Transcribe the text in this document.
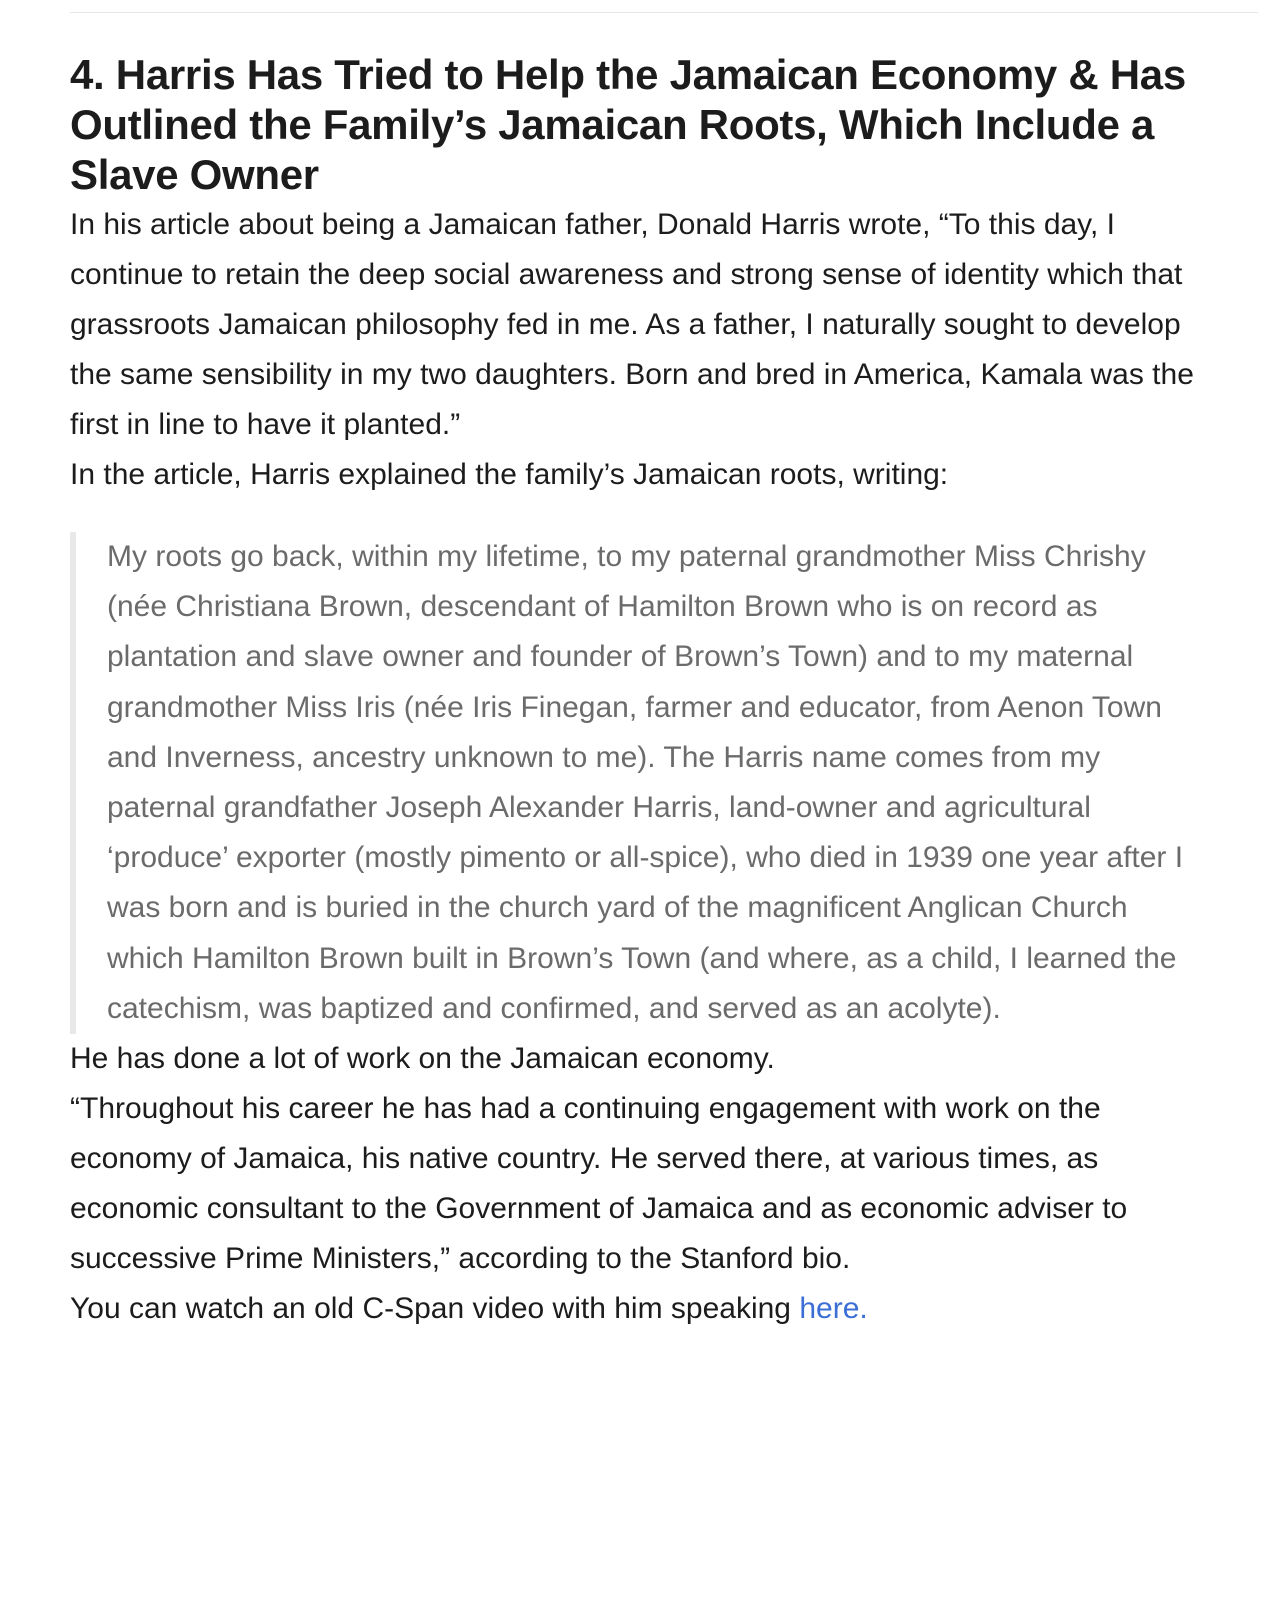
4. Harris Has Tried to Help the Jamaican Economy & Has Outlined the Family’s Jamaican Roots, Which Include a Slave Owner

In his article about being a Jamaican father, Donald Harris wrote, “To this day, I continue to retain the deep social awareness and strong sense of identity which that grassroots Jamaican philosophy fed in me. As a father, I naturally sought to develop the same sensibility in my two daughters. Born and bred in America, Kamala was the first in line to have it planted.”

In the article, Harris explained the family’s Jamaican roots, writing:

My roots go back, within my lifetime, to my paternal grandmother Miss Chrishy (née Christiana Brown, descendant of Hamilton Brown who is on record as plantation and slave owner and founder of Brown’s Town) and to my maternal grandmother Miss Iris (née Iris Finegan, farmer and educator, from Aenon Town and Inverness, ancestry unknown to me). The Harris name comes from my paternal grandfather Joseph Alexander Harris, land-owner and agricultural ‘produce’ exporter (mostly pimento or all-spice), who died in 1939 one year after I was born and is buried in the church yard of the magnificent Anglican Church which Hamilton Brown built in Brown’s Town (and where, as a child, I learned the catechism, was baptized and confirmed, and served as an acolyte).

He has done a lot of work on the Jamaican economy.

“Throughout his career he has had a continuing engagement with work on the economy of Jamaica, his native country. He served there, at various times, as economic consultant to the Government of Jamaica and as economic adviser to successive Prime Ministers,” according to the Stanford bio.

You can watch an old C-Span video with him speaking here.
